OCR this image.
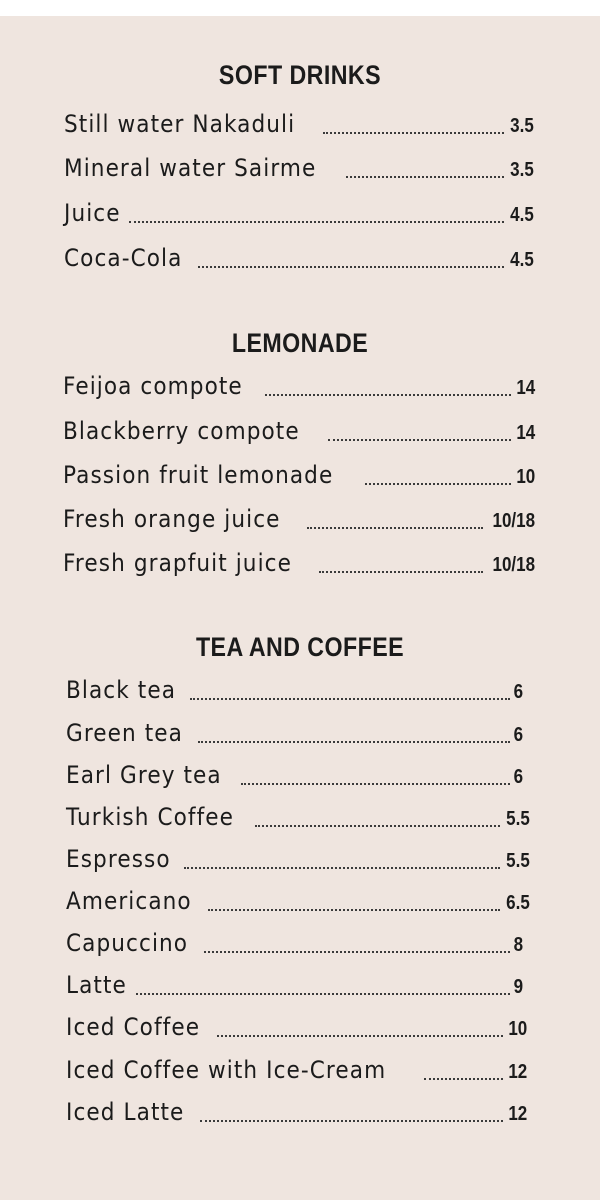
SOFT DRINKS
Still water Nakaduli	3.5
Mineral water Sairme	3.5
Juice	4.5
Coca-Cola	4.5
LEMONADE
Feijoa compote	14
Blackberry compote	14
Passion fruit lemonade	10
Fresh orange juice	10/18
Fresh grapfuit juice	10/18
TEA AND COFFEE
Black tea	6
Green tea	6
Earl Grey tea	6
Turkish Coffee	5.5
Espresso	5.5
Americano	6.5
Capuccino	8
Latte	9
Iced Coffee	10
Iced Coffee with Ice-Cream	12
Iced Latte	12
